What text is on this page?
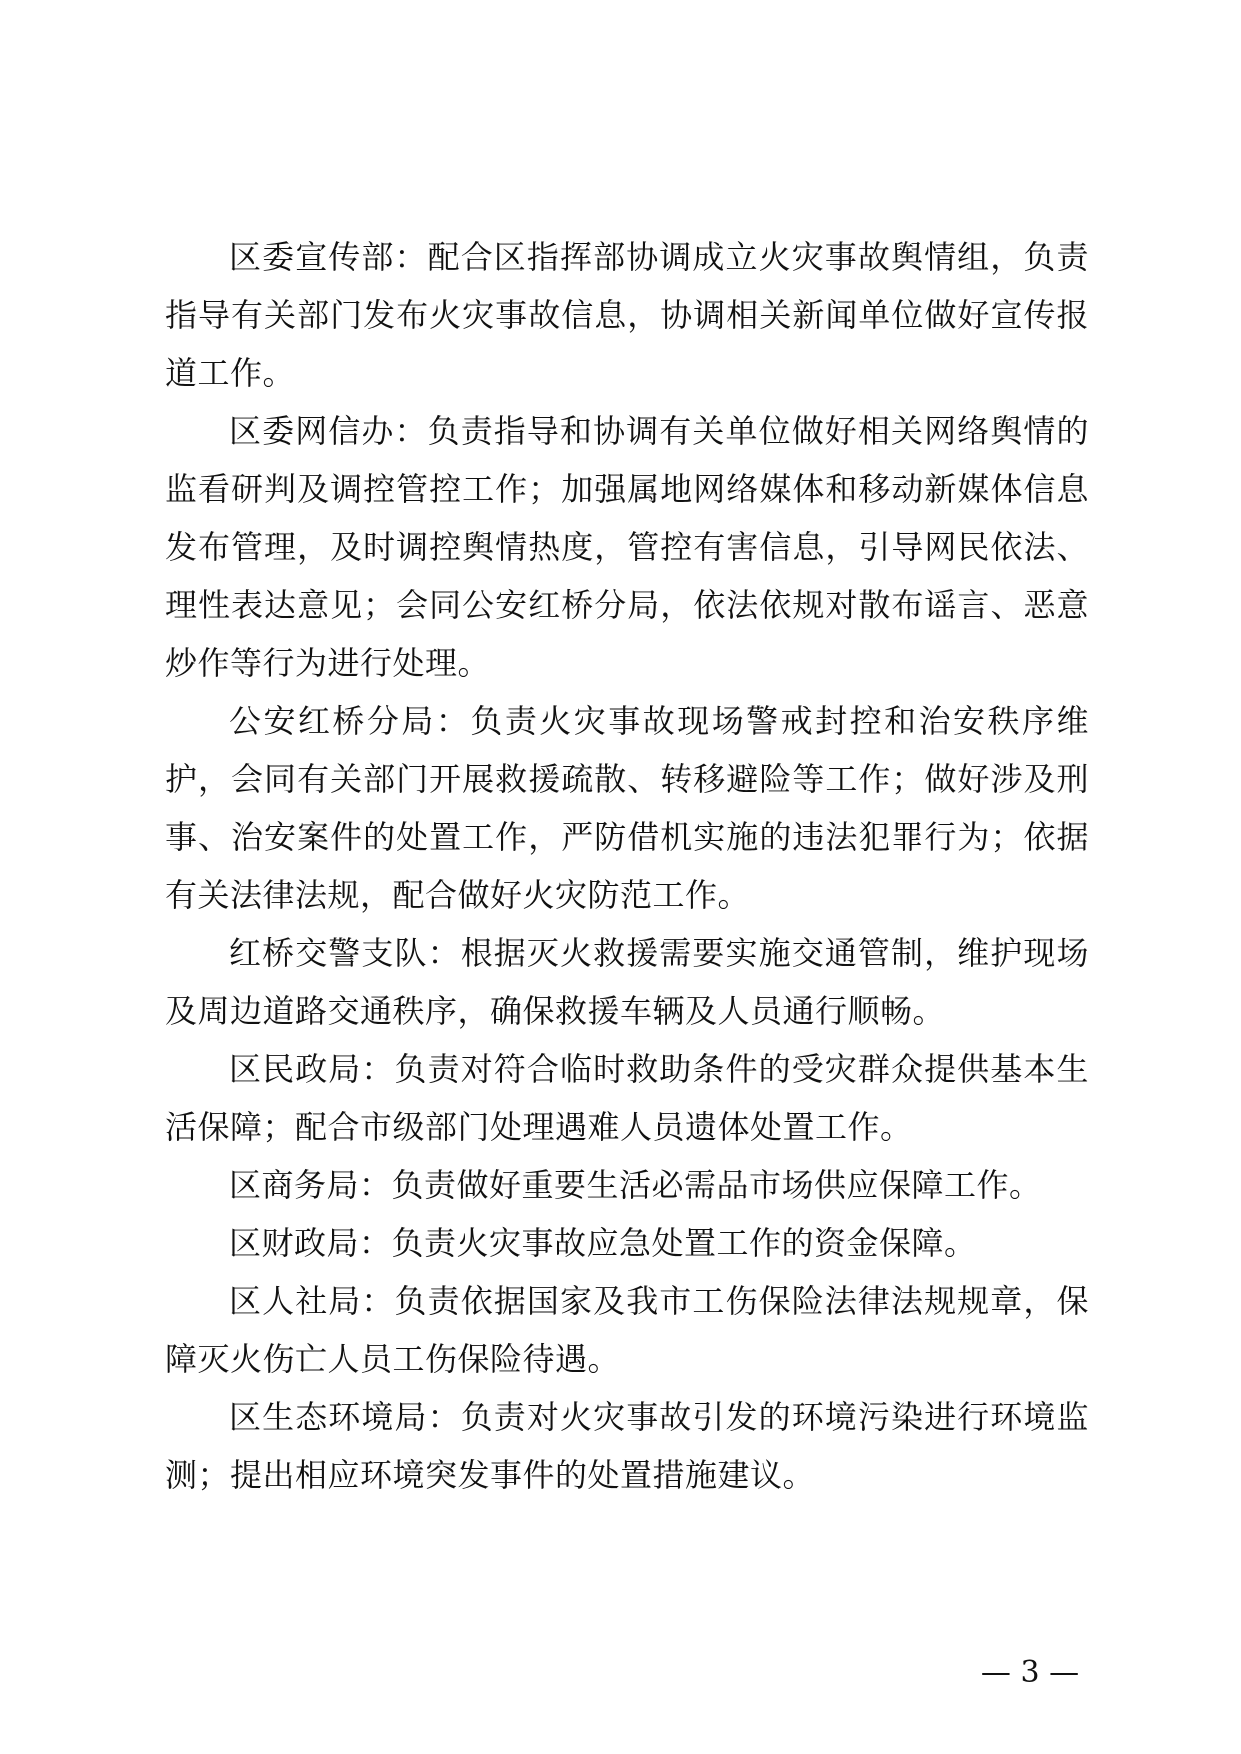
区委宣传部：配合区指挥部协调成立火灾事故舆情组，负责指导有关部门发布火灾事故信息，协调相关新闻单位做好宣传报道工作。

区委网信办：负责指导和协调有关单位做好相关网络舆情的监看研判及调控管控工作；加强属地网络媒体和移动新媒体信息发布管理，及时调控舆情热度，管控有害信息，引导网民依法、理性表达意见；会同公安红桥分局，依法依规对散布谣言、恶意炒作等行为进行处理。

公安红桥分局：负责火灾事故现场警戒封控和治安秩序维护，会同有关部门开展救援疏散、转移避险等工作；做好涉及刑事、治安案件的处置工作，严防借机实施的违法犯罪行为；依据有关法律法规，配合做好火灾防范工作。

红桥交警支队：根据灭火救援需要实施交通管制，维护现场及周边道路交通秩序，确保救援车辆及人员通行顺畅。

区民政局：负责对符合临时救助条件的受灾群众提供基本生活保障；配合市级部门处理遇难人员遗体处置工作。

区商务局：负责做好重要生活必需品市场供应保障工作。

区财政局：负责火灾事故应急处置工作的资金保障。

区人社局：负责依据国家及我市工伤保险法律法规规章，保障灭火伤亡人员工伤保险待遇。

区生态环境局：负责对火灾事故引发的环境污染进行环境监测；提出相应环境突发事件的处置措施建议。

— 3 —
